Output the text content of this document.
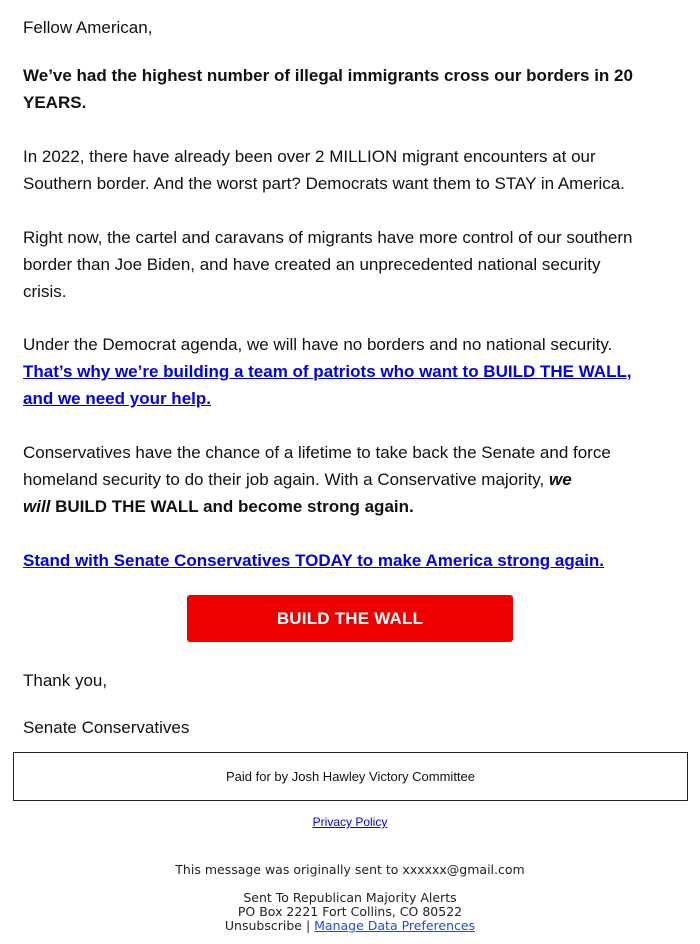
Fellow American,

We’ve had the highest number of illegal immigrants cross our borders in 20
YEARS.

In 2022, there have already been over 2 MILLION migrant encounters at our
Southern border. And the worst part? Democrats want them to STAY in America.

Right now, the cartel and caravans of migrants have more control of our southern
border than Joe Biden, and have created an unprecedented national security
crisis.

Under the Democrat agenda, we will have no borders and no national security.
That’s why we’re building a team of patriots who want to BUILD THE WALL,
and we need your help.

Conservatives have the chance of a lifetime to take back the Senate and force
homeland security to do their job again. With a Conservative majority, we
will BUILD THE WALL and become strong again.

Stand with Senate Conservatives TODAY to make America strong again.

BUILD THE WALL

Thank you,

Senate Conservatives

Paid for by Josh Hawley Victory Committee
Privacy Policy
This message was originally sent to xxxxxx@gmail.com
Sent To Republican Majority Alerts
PO Box 2221 Fort Collins, CO 80522
Unsubscribe | Manage Data Preferences
